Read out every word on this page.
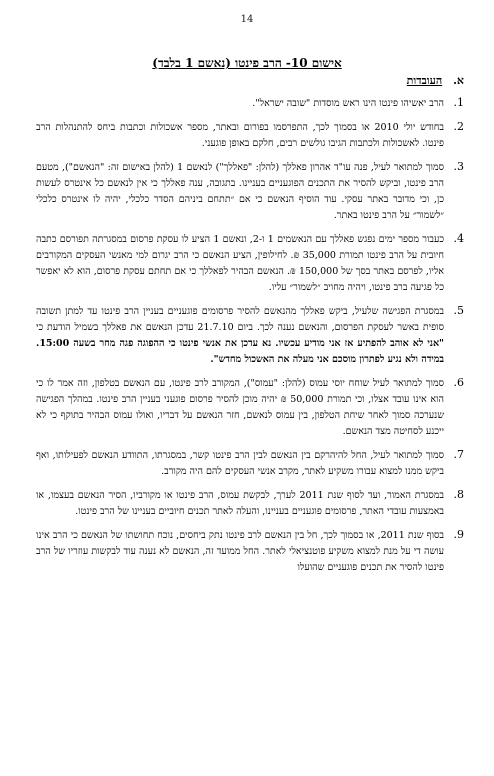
14
אישום 10- הרב פינטו (נאשם 1 בלבד)
א. העובדות
1.
הרב יאשיהו פינטו הינו ראש מוסדות "שובה ישראל".
2.
בחודש יולי 2010 או בסמוך לכך, התפרסמו בפורום ובאתר, מספר אשכולות וכתבות ביחס להתנהלות הרב פינטו. לאשכולות ולכתבות הגיבו גולשים רבים, חלקם באופן פוגעני.
3.
סמוך למתואר לעיל, פנה עו"ד אהרון פאללך (להלן: "פאללך") לנאשם 1 (להלן באישום זה: "הנאשם"), מטעם הרב פינטו, וביקש להסיר את התכנים הפוגעניים בעניינו. בתגובה, ענה פאללך כי אין לנאשם כל אינטרס לעשות כן, וכי מדובר באתר עסקי. עוד הוסיף הנאשם כי אם ״תתחם ביניהם הסדר כלכלי, יהיה לו אינטרס כלכלי ״לשמור״ על הרב פינטו באתר.
4.
כעבור מספר ימים נפגש פאללך עם הנאשמים 1 ו-2, ונאשם 1 הציע לו עסקת פרסום במסגרתה תפורסם כתבה חיובית על הרב פינטו תמורת 35,000 ₪. לחילופין, הציע הנאשם כי הרב יגרום למי מאנשי העסקים המקורבים אליו, לפרסם באתר בסך של 150,000 ₪. הנאשם הבהיר לפאללך כי אם תחתם עסקת פרסום, הוא לא יאפשר כל פגיעה ברב פינטו, ויהיה מחויב ״לשמור״ עליו.
5.
במסגרת הפגישה שלעיל, ביקש פאללך מהנאשם להסיר פרסומים פוגעניים בעניין הרב פינטו עד למתן תשובה סופית באשר לעסקת הפרסום, והנאשם נענה לכך. ביום 21.7.10 עדכן הנאשם את פאללך בשמיל הודעת כי "אני לא אוהב להפתיע אז אני מודיע עכשיו. נא עדכן את אנשי פינטו כי ההפוגה פגה מחר בשעה 15:00. במידה ולא נגיע לפתרון מוסכם אני מעלה את האשכול מחדש".
6.
סמוך למתואר לעיל שוחח יוסי עמוס (להלן: "עמוס"), המקורב לרב פינטו, עם הנאשם בטלפון, וזה אמר לו כי הוא אינו עובד אצלו, וכי תמורת 50,000 ₪ יהיה מוכן להסיר פרסום פוגעני בעניין הרב פינטו. במהלך הפגישה שנערכה סמוך לאחר שיחת הטלפון, בין עמוס לנאשם, חזר הנאשם על דבריו, ואולו עמוס הבהיר בתוקף כי לא ייכנע לסחיטה מצד הנאשם.
7.
סמוך למתואר לעיל, החל להיהרקם בין הנאשם לבין הרב פינטו קשר, במסגרתו, התוודע הנאשם לפעילותו, ואף ביקש ממנו למצוא עבורו משקיע לאתר, מקרב אנשי העסקים להם היה מקורב.
8.
במסגרת האמור, ועד לסוף שנת 2011 לערך, לבקשת עמוס, הרב פינטו או מקורביו, הסיר הנאשם בעצמו, או באמצעות עובדי האתר, פרסומים פוגעניים בעניינו, והעלה לאתר תכנים חיוביים בעניינו של הרב פינטו.
9.
בסוף שנת 2011, או בסמוך לכך, חל בין הנאשם לרב פינטו נתק ביחסים, נוכח תחושתו של הנאשם כי הרב אינו עושה די על מנת למצוא משקיע פוטנציאלי לאתר. החל ממועד זה, הנאשם לא נענה עוד לבקשות עוזריו של הרב פינטו להסיר את תכנים פוגעניים שהועלו
